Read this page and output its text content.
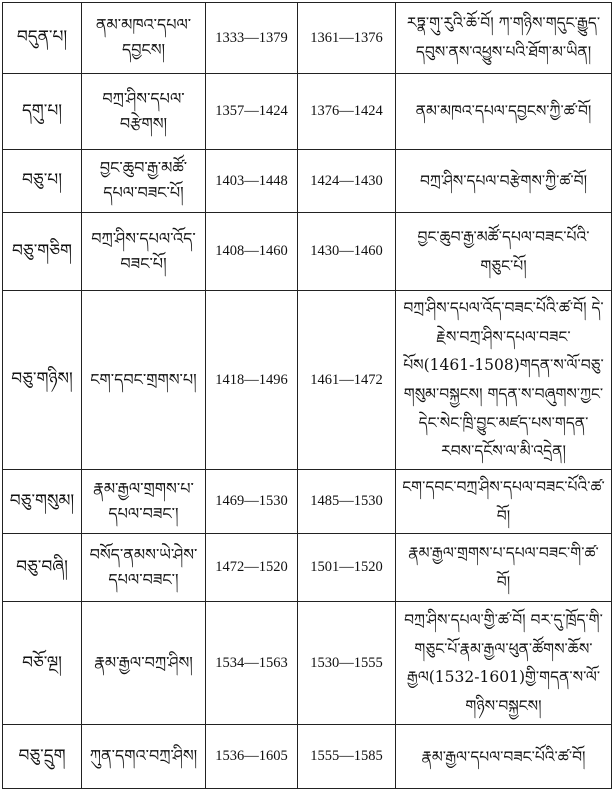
བདུན་པ།	ནམ་མཁའ་དཔལ་དབྱངས།	1333—1379	1361—1376	རཏྣ་གུ་རུའི་ཆོ་བོ། ཀ་གཉིས་གདུང་རྒྱུད་དབུས་ནས་འཕྱུས་པའི་ཐོག་མ་ཡིན།
དགུ་པ།	བཀྲ་ཤིས་དཔལ་བརྩེགས།	1357—1424	1376—1424	ནམ་མཁའ་དཔལ་དབྱངས་ཀྱི་ཚ་བོ།
བཅུ་པ།	བྱང་ཆུབ་རྒྱ་མཚོ་དཔལ་བཟང་པོ།	1403—1448	1424—1430	བཀྲ་ཤིས་དཔལ་བརྩེགས་ཀྱི་ཚ་བོ།
བཅུ་གཅིག	བཀྲ་ཤིས་དཔལ་འོད་བཟང་པོ།	1408—1460	1430—1460	བྱང་ཆུབ་རྒྱ་མཚོ་དཔལ་བཟང་པོའི་གཅུང་པོ།
བཅུ་གཉིས།	ངག་དབང་གྲགས་པ།	1418—1496	1461—1472	བཀྲ་ཤིས་དཔལ་འོད་བཟང་པོའི་ཚ་བོ། དེ་རྗེས་བཀྲ་ཤིས་དཔལ་བཟང་པོས(1461-1508)གདན་ས་ལོ་བཅུ་གསུམ་བསྐྱངས། གདན་ས་བཞུགས་ཀྱང་དེང་སེང་ཁྲི་བྱུང་མཛད་པས་གདན་རབས་དངོས་ལ་མི་འདྲེན།
བཅུ་གསུམ།	རྣམ་རྒྱལ་གྲགས་པ་དཔལ་བཟང་།	1469—1530	1485—1530	ངག་དབང་བཀྲ་ཤིས་དཔལ་བཟང་པོའི་ཚ་བོ།
བཅུ་བཞི།	བསོད་ནམས་ཡེ་ཤེས་དཔལ་བཟང་།	1472—1520	1501—1520	རྣམ་རྒྱལ་གྲགས་པ་དཔལ་བཟང་གི་ཚ་བོ།
བཅོ་ལྔ།	རྣམ་རྒྱལ་བཀྲ་ཤིས།	1534—1563	1530—1555	བཀྲ་ཤིས་དཔལ་གྱི་ཚ་བོ། བར་དུ་ཁྲོད་གི་གཅུང་པོ་རྣམ་རྒྱལ་ཕུན་ཚོགས་ཆོས་རྒྱལ(1532-1601)གྱི་གདན་ས་ལོ་གཉིས་བསྐྱངས།
བཅུ་དྲུག	ཀུན་དགའ་བཀྲ་ཤིས།	1536—1605	1555—1585	རྣམ་རྒྱལ་དཔལ་བཟང་པོའི་ཚ་བོ།
